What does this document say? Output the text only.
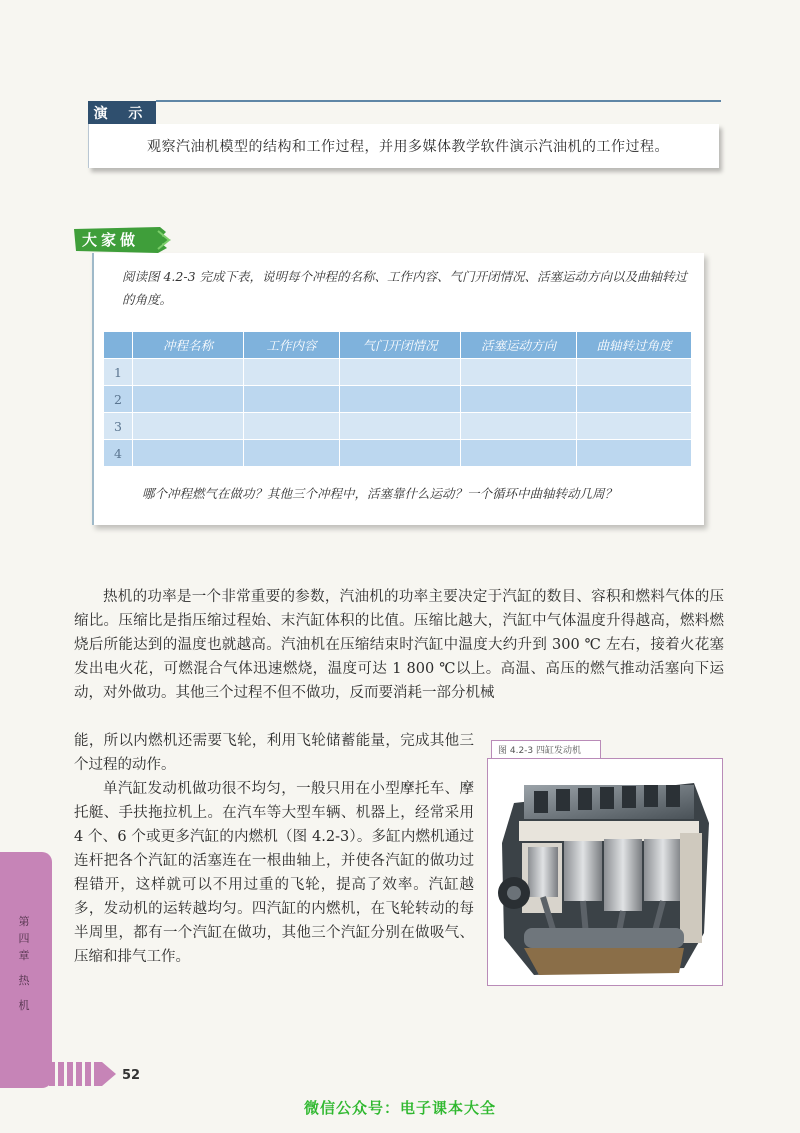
演 示
观察汽油机模型的结构和工作过程，并用多媒体教学软件演示汽油机的工作过程。
大家做
阅读图 4.2-3 完成下表，说明每个冲程的名称、工作内容、气门开闭情况、活塞运动方向以及曲轴转过的角度。
	冲程名称	工作内容	气门开闭情况	活塞运动方向	曲轴转过角度
1					
2					
3					
4					
哪个冲程燃气在做功？其他三个冲程中，活塞靠什么运动？一个循环中曲轴转动几周？
热机的功率是一个非常重要的参数，汽油机的功率主要决定于汽缸的数目、容积和燃料气体的压缩比。压缩比是指压缩过程始、末汽缸体积的比值。压缩比越大，汽缸中气体温度升得越高，燃料燃烧后所能达到的温度也就越高。汽油机在压缩结束时汽缸中温度大约升到 300 ℃ 左右，接着火花塞发出电火花，可燃混合气体迅速燃烧，温度可达 1 800 ℃以上。高温、高压的燃气推动活塞向下运动，对外做功。其他三个过程不但不做功，反而要消耗一部分机械
能，所以内燃机还需要飞轮，利用飞轮储蓄能量，完成其他三个过程的动作。
单汽缸发动机做功很不均匀，一般只用在小型摩托车、摩托艇、手扶拖拉机上。在汽车等大型车辆、机器上，经常采用 4 个、6 个或更多汽缸的内燃机（图 4.2-3）。多缸内燃机通过连杆把各个汽缸的活塞连在一根曲轴上，并使各汽缸的做功过程错开，这样就可以不用过重的飞轮，提高了效率。汽缸越多，发动机的运转越均匀。四汽缸的内燃机，在飞轮转动的每半周里，都有一个汽缸在做功，其他三个汽缸分别在做吸气、压缩和排气工作。
图 4.2-3 四缸发动机
第四章
热
机
52
微信公众号：电子课本大全
